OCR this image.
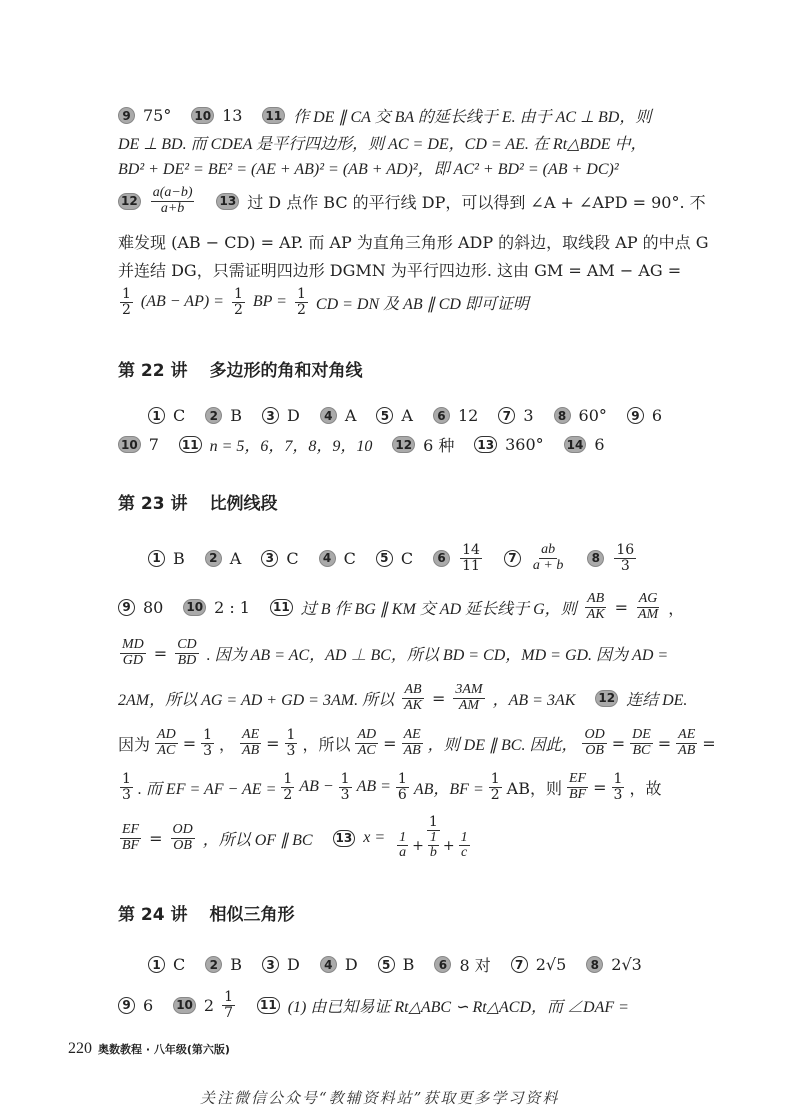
9 75° 10 13 11 作 DE ∥ CA 交 BA 的延长线于 E. 由于 AC ⊥ BD，则
DE ⊥ BD. 而 CDEA 是平行四边形，则 AC = DE，CD = AE. 在 Rt△BDE 中，
BD² + DE² = BE² = (AE + AB)² = (AB + AD)²，即 AC² + BD² = (AB + DC)²
12
a(a−b)
a+b	13 过 D 点作 BC 的平行线 DP，可以得到 ∠A + ∠APD = 90°. 不
难发现 (AB − CD) = AP. 而 AP 为直角三角形 ADP 的斜边，取线段 AP 的中点 G
并连结 DG，只需证明四边形 DGMN 为平行四边形. 这由 GM = AM − AG =
1
2 $(AB - AP) = \frac{1}{2}$ BP = $\frac{1}{2}$ CD = DN 及 AB ∥ CD 即可证明
第 22 讲 多边形的角和对角线
1 C	2 B	3 D	4 A	5 A	6 12	7 3	8 60°	9 6
10 7 11 n = 5，6，7，8，9，10 12 6 种 13 360° 14 6
第 23 讲 比例线段
1 B	2 A	3 C	4 C	5 C	6
14
11	7
ab
a + b	8
16
3
9 80 10 2 : 1 11 过 B 作 BG ∥ KM 交 AD 延长线于 G，则 $\frac{AB}{AK} = \frac{AG}{AM}$ ，
$\frac{MD}{GD} = \frac{CD}{BD}$ . 因为 AB = AC，AD ⊥ BC，所以 BD = CD，MD = GD. 因为 AD =
2AM，所以 AG = AD + GD = 3AM. 所以 $\frac{AB}{AK} = \frac{3AM}{AM}$ ，AB = 3AK 12 连结 DE.
因为 $\frac{AD}{AC} = \frac{1}{3}$ ， $\frac{AE}{AB} = \frac{1}{3}$ ，所以 $\frac{AD}{AC} = \frac{AE}{AB}$ ，则 DE ∥ BC. 因此， $\frac{OD}{OB} = \frac{DE}{BC} = \frac{AE}{AB}$ =
1
3 . 而 EF = AF − AE = $\frac{1}{2}$ AB − $\frac{1}{3}$ AB = $\frac{1}{6}$ AB，BF = $\frac{1}{2}$ AB，则 $\frac{EF}{BF} = \frac{1}{3}$ ，故
$\frac{EF}{BF} = \frac{OD}{OB}$ ，所以 OF ∥ BC 13 x = 1
1
$a + \frac{1}{b} + \frac{1}{c}$
第 24 讲 相似三角形
1 C	2 B	3 D	4 D	5 B	6 8 对	7 2√5	8 2√3
9 6 10 2 1
7 11 (1) 由已知易证 Rt△ABC ∽ Rt△ACD，而 ∠DAF =
220 奥数教程 · 八年级(第六版)
关注微信公众号“教辅资料站”获取更多学习资料
